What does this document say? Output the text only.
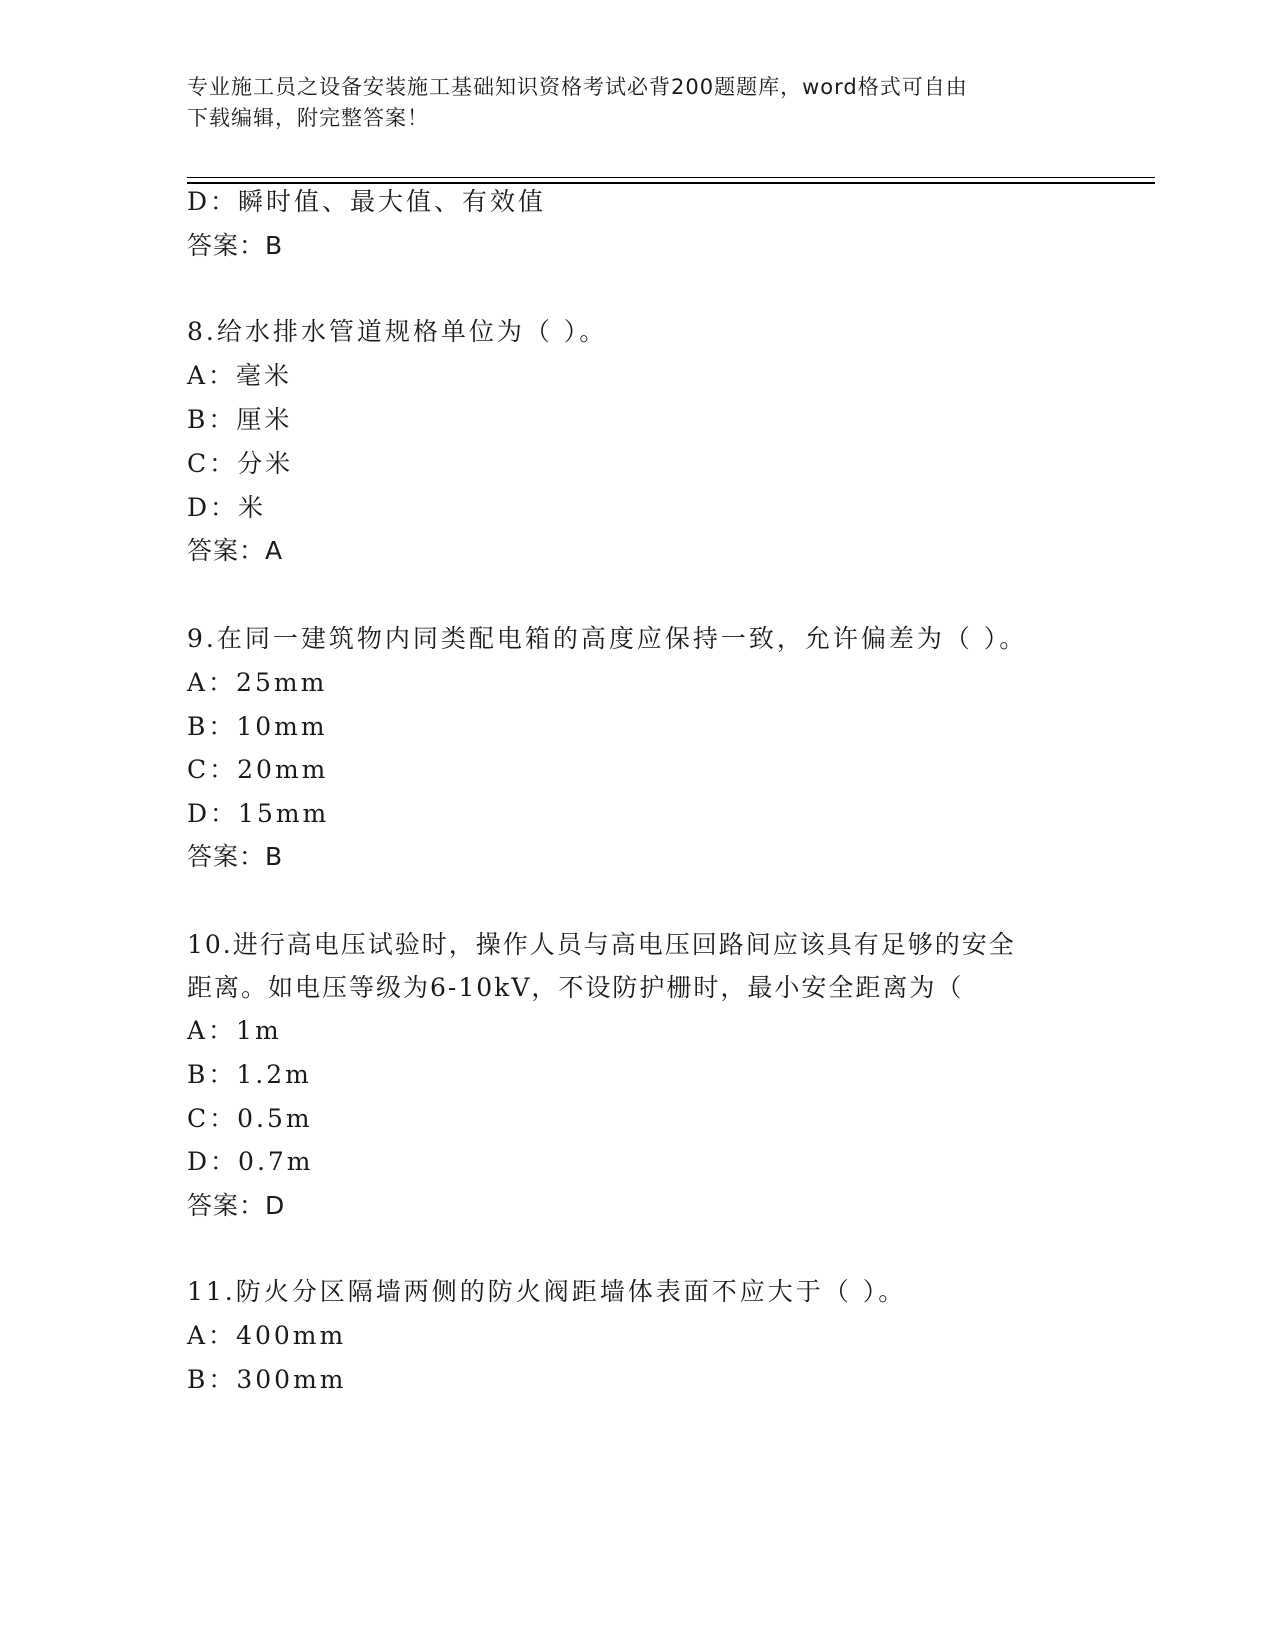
专业施工员之设备安装施工基础知识资格考试必背200题题库，word格式可自由
下载编辑，附完整答案！
D：瞬时值、最大值、有效值
答案：B
8.给水排水管道规格单位为（ ）。
A：毫米
B：厘米
C：分米
D：米
答案：A
9.在同一建筑物内同类配电箱的高度应保持一致，允许偏差为（ ）。
A：25mm
B：10mm
C：20mm
D：15mm
答案：B
10.进行高电压试验时，操作人员与高电压回路间应该具有足够的安全
距离。如电压等级为6-10kV，不设防护栅时，最小安全距离为（
A：1m
B：1.2m
C：0.5m
D：0.7m
答案：D
11.防火分区隔墙两侧的防火阀距墙体表面不应大于（ ）。
A：400mm
B：300mm
